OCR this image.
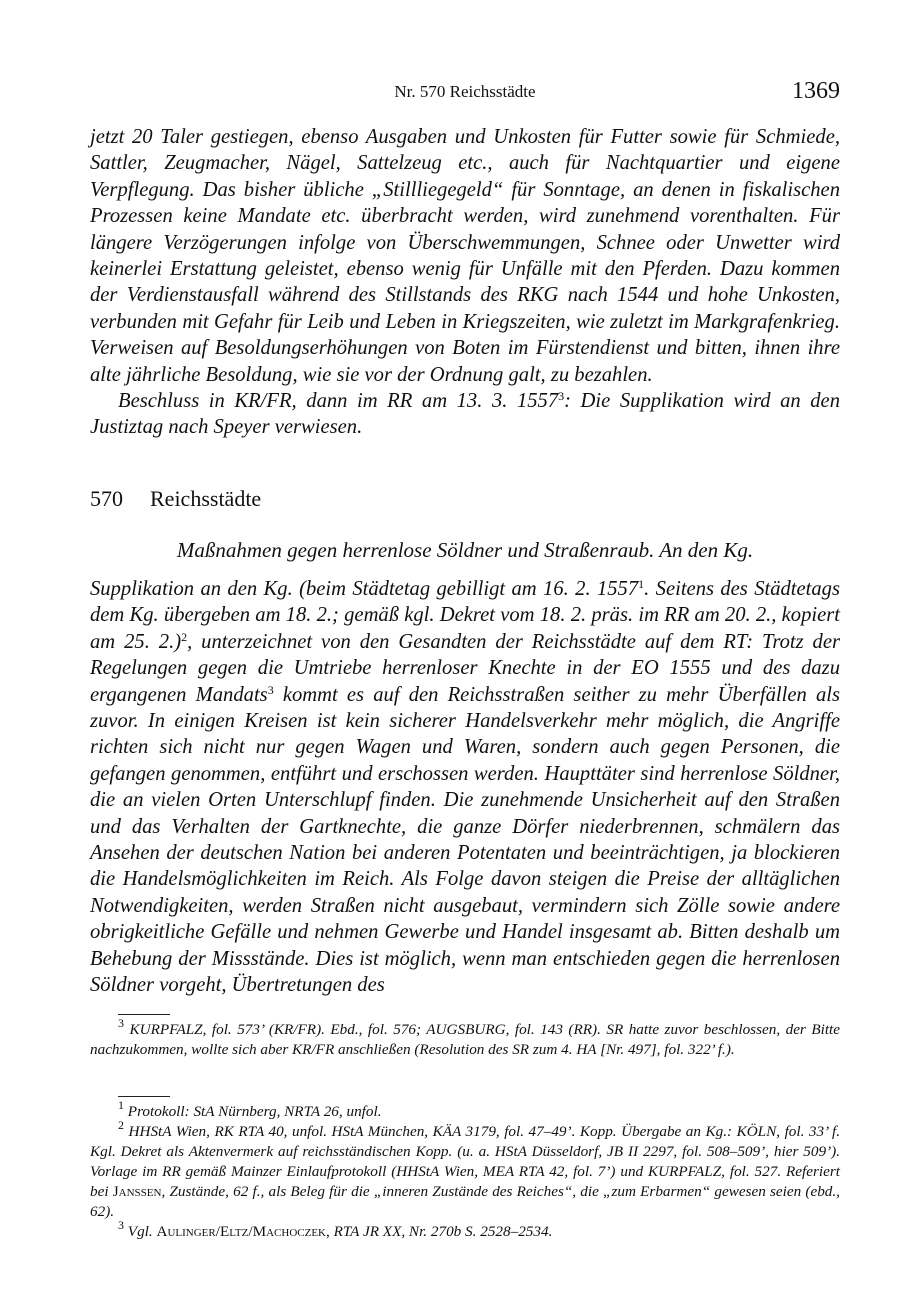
Nr. 570 Reichsstädte	1369

jetzt 20 Taler gestiegen, ebenso Ausgaben und Unkosten für Futter sowie für Schmiede, Sattler, Zeugmacher, Nägel, Sattelzeug etc., auch für Nachtquartier und eigene Verpflegung. Das bisher übliche „Stillliegegeld“ für Sonntage, an denen in fiskalischen Prozessen keine Mandate etc. überbracht werden, wird zunehmend vorenthalten. Für längere Verzögerungen infolge von Überschwemmungen, Schnee oder Unwetter wird keinerlei Erstattung geleistet, ebenso wenig für Unfälle mit den Pferden. Dazu kommen der Verdienstausfall während des Stillstands des RKG nach 1544 und hohe Unkosten, verbunden mit Gefahr für Leib und Leben in Kriegszeiten, wie zuletzt im Markgrafenkrieg. Verweisen auf Besoldungserhöhungen von Boten im Fürstendienst und bitten, ihnen ihre alte jährliche Besoldung, wie sie vor der Ordnung galt, zu bezahlen.

Beschluss in KR/FR, dann im RR am 13. 3. 1557$^3$: Die Supplikation wird an den Justiztag nach Speyer verwiesen.

570 Reichsstädte

Maßnahmen gegen herrenlose Söldner und Straßenraub. An den Kg.

Supplikation an den Kg. (beim Städtetag gebilligt am 16. 2. 1557$^1$. Seitens des Städtetags dem Kg. übergeben am 18. 2.; gemäß kgl. Dekret vom 18. 2. präs. im RR am 20. 2., kopiert am 25. 2.)$^2$, unterzeichnet von den Gesandten der Reichsstädte auf dem RT: Trotz der Regelungen gegen die Umtriebe herrenloser Knechte in der EO 1555 und des dazu ergangenen Mandats$^3$ kommt es auf den Reichsstraßen seither zu mehr Überfällen als zuvor. In einigen Kreisen ist kein sicherer Handelsverkehr mehr möglich, die Angriffe richten sich nicht nur gegen Wagen und Waren, sondern auch gegen Personen, die gefangen genommen, entführt und erschossen werden. Haupttäter sind herrenlose Söldner, die an vielen Orten Unterschlupf finden. Die zunehmende Unsicherheit auf den Straßen und das Verhalten der Gartknechte, die ganze Dörfer niederbrennen, schmälern das Ansehen der deutschen Nation bei anderen Potentaten und beeinträchtigen, ja blockieren die Handelsmöglichkeiten im Reich. Als Folge davon steigen die Preise der alltäglichen Notwendigkeiten, werden Straßen nicht ausgebaut, vermindern sich Zölle sowie andere obrigkeitliche Gefälle und nehmen Gewerbe und Handel insgesamt ab. Bitten deshalb um Behebung der Missstände. Dies ist möglich, wenn man entschieden gegen die herrenlosen Söldner vorgeht, Übertretungen des

$^3$ KURPFALZ, fol. 573’ (KR/FR). Ebd., fol. 576; AUGSBURG, fol. 143 (RR). SR hatte zuvor beschlossen, der Bitte nachzukommen, wollte sich aber KR/FR anschließen (Resolution des SR zum 4. HA [Nr. 497], fol. 322’ f.).

$^1$ Protokoll: StA Nürnberg, NRTA 26, unfol.

$^2$ HHStA Wien, RK RTA 40, unfol. HStA München, KÄA 3179, fol. 47–49’. Kopp. Übergabe an Kg.: KÖLN, fol. 33’ f. Kgl. Dekret als Aktenvermerk auf reichsständischen Kopp. (u. a. HStA Düsseldorf, JB II 2297, fol. 508–509’, hier 509’). Vorlage im RR gemäß Mainzer Einlaufprotokoll (HHStA Wien, MEA RTA 42, fol. 7’) und KURPFALZ, fol. 527. Referiert bei Janssen, Zustände, 62 f., als Beleg für die „inneren Zustände des Reiches“, die „zum Erbarmen“ gewesen seien (ebd., 62).

$^3$ Vgl. Aulinger/Eltz/Machoczek, RTA JR XX, Nr. 270b S. 2528–2534.
